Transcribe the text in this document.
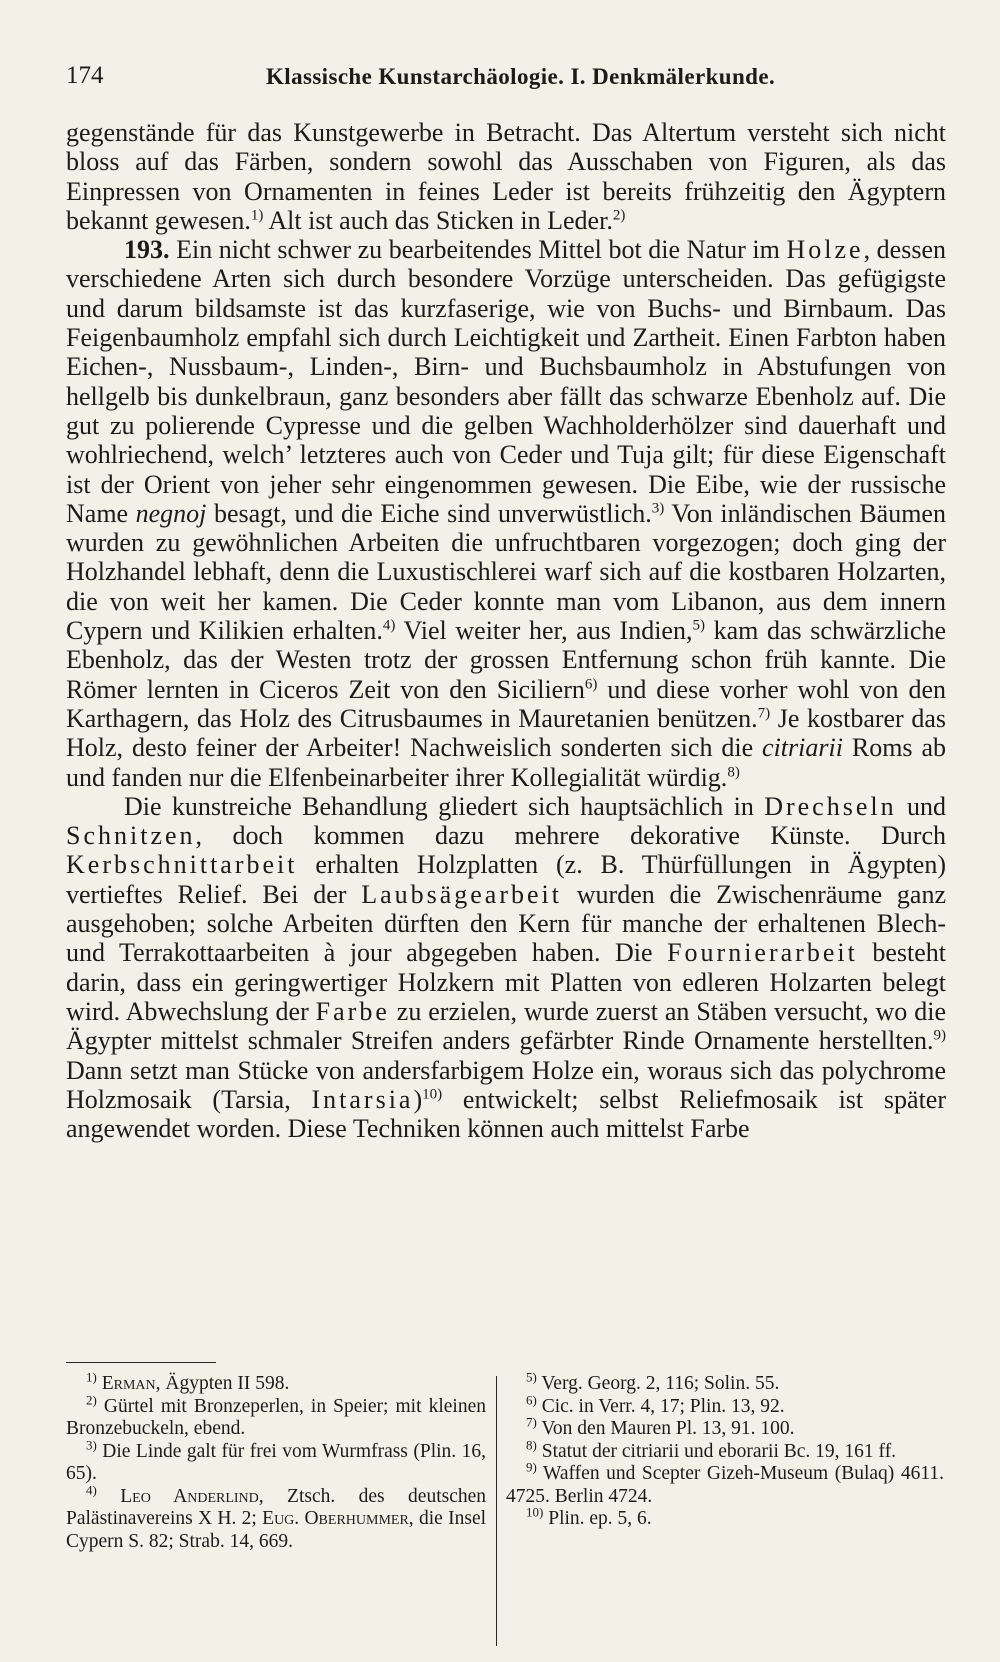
174	Klassische Kunstarchäologie. I. Denkmälerkunde.

gegenstände für das Kunstgewerbe in Betracht. Das Altertum versteht sich nicht bloss auf das Färben, sondern sowohl das Ausschaben von Figuren, als das Einpressen von Ornamenten in feines Leder ist bereits frühzeitig den Ägyptern bekannt gewesen.$^{1)}$ Alt ist auch das Sticken in Leder.$^{2)}$

193. Ein nicht schwer zu bearbeitendes Mittel bot die Natur im Holze, dessen verschiedene Arten sich durch besondere Vorzüge unterscheiden. Das gefügigste und darum bildsamste ist das kurzfaserige, wie von Buchs- und Birnbaum. Das Feigenbaumholz empfahl sich durch Leichtigkeit und Zartheit. Einen Farbton haben Eichen-, Nussbaum-, Linden-, Birn- und Buchsbaumholz in Abstufungen von hellgelb bis dunkelbraun, ganz besonders aber fällt das schwarze Ebenholz auf. Die gut zu polierende Cypresse und die gelben Wachholderhölzer sind dauerhaft und wohlriechend, welch’ letzteres auch von Ceder und Tuja gilt; für diese Eigenschaft ist der Orient von jeher sehr eingenommen gewesen. Die Eibe, wie der russische Name negnoj besagt, und die Eiche sind unverwüstlich.$^{3)}$ Von inländischen Bäumen wurden zu gewöhnlichen Arbeiten die unfruchtbaren vorgezogen; doch ging der Holzhandel lebhaft, denn die Luxustischlerei warf sich auf die kostbaren Holzarten, die von weit her kamen. Die Ceder konnte man vom Libanon, aus dem innern Cypern und Kilikien erhalten.$^{4)}$ Viel weiter her, aus Indien,$^{5)}$ kam das schwärzliche Ebenholz, das der Westen trotz der grossen Entfernung schon früh kannte. Die Römer lernten in Ciceros Zeit von den Siciliern$^{6)}$ und diese vorher wohl von den Karthagern, das Holz des Citrusbaumes in Mauretanien benützen.$^{7)}$ Je kostbarer das Holz, desto feiner der Arbeiter! Nachweislich sonderten sich die citriarii Roms ab und fanden nur die Elfenbeinarbeiter ihrer Kollegialität würdig.$^{8)}$

Die kunstreiche Behandlung gliedert sich hauptsächlich in Drechseln und Schnitzen, doch kommen dazu mehrere dekorative Künste. Durch Kerbschnittarbeit erhalten Holzplatten (z. B. Thürfüllungen in Ägypten) vertieftes Relief. Bei der Laubsägearbeit wurden die Zwischenräume ganz ausgehoben; solche Arbeiten dürften den Kern für manche der erhaltenen Blech- und Terrakottaarbeiten à jour abgegeben haben. Die Fournierarbeit besteht darin, dass ein geringwertiger Holzkern mit Platten von edleren Holzarten belegt wird. Abwechslung der Farbe zu erzielen, wurde zuerst an Stäben versucht, wo die Ägypter mittelst schmaler Streifen anders gefärbter Rinde Ornamente herstellten.$^{9)}$ Dann setzt man Stücke von andersfarbigem Holze ein, woraus sich das polychrome Holzmosaik (Tarsia, Intarsia)$^{10)}$ entwickelt; selbst Reliefmosaik ist später angewendet worden. Diese Techniken können auch mittelst Farbe

$^{1)}$ Erman, Ägypten II 598.

$^{2)}$ Gürtel mit Bronzeperlen, in Speier; mit kleinen Bronzebuckeln, ebend.

$^{3)}$ Die Linde galt für frei vom Wurmfrass (Plin. 16, 65).

$^{4)}$ Leo Anderlind, Ztsch. des deutschen Palästinavereins X H. 2; Eug. Oberhummer, die Insel Cypern S. 82; Strab. 14, 669.

$^{5)}$ Verg. Georg. 2, 116; Solin. 55.

$^{6)}$ Cic. in Verr. 4, 17; Plin. 13, 92.

$^{7)}$ Von den Mauren Pl. 13, 91. 100.

$^{8)}$ Statut der citriarii und eborarii Bc. 19, 161 ff.

$^{9)}$ Waffen und Scepter Gizeh-Museum (Bulaq) 4611. 4725. Berlin 4724.

$^{10)}$ Plin. ep. 5, 6.
